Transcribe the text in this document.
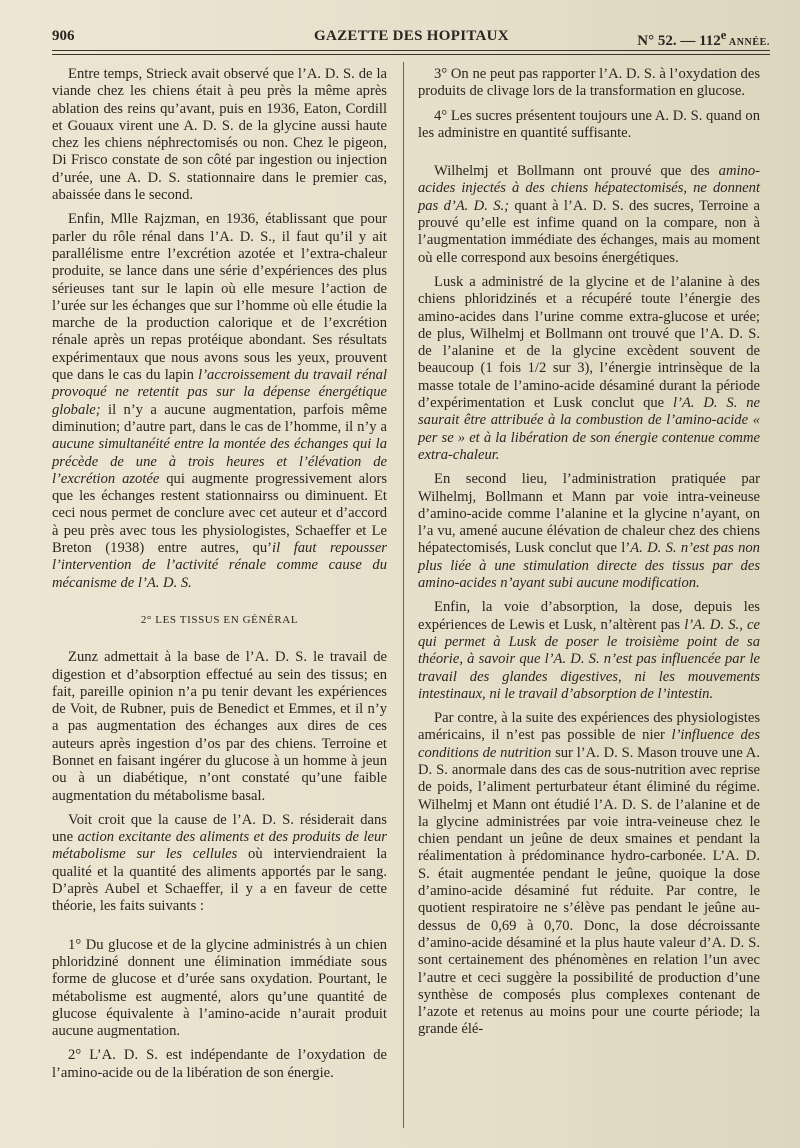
906	GAZETTE DES HOPITAUX	N° 52. — 112e ANNÉE.

Entre temps, Strieck avait observé que l’A. D. S. de la viande chez les chiens était à peu près la même après ablation des reins qu’avant, puis en 1936, Eaton, Cordill et Gouaux virent une A. D. S. de la glycine aussi haute chez les chiens néphrectomisés ou non. Chez le pigeon, Di Frisco constate de son côté par ingestion ou injection d’urée, une A. D. S. stationnaire dans le premier cas, abaissée dans le second.

Enfin, Mlle Rajzman, en 1936, établissant que pour parler du rôle rénal dans l’A. D. S., il faut qu’il y ait parallélisme entre l’excrétion azotée et l’extra-chaleur produite, se lance dans une série d’expériences des plus sérieuses tant sur le lapin où elle mesure l’action de l’urée sur les échanges que sur l’homme où elle étudie la marche de la production calorique et de l’excrétion rénale après un repas protéique abondant. Ses résultats expérimentaux que nous avons sous les yeux, prouvent que dans le cas du lapin l’accroissement du travail rénal provoqué ne retentit pas sur la dépense énergétique globale; il n’y a aucune augmentation, parfois même diminution; d’autre part, dans le cas de l’homme, il n’y a aucune simultanéité entre la montée des échanges qui la précède de une à trois heures et l’élévation de l’excrétion azotée qui augmente progressivement alors que les échanges restent stationnairss ou diminuent. Et ceci nous permet de conclure avec cet auteur et d’accord à peu près avec tous les physiologistes, Schaeffer et Le Breton (1938) entre autres, qu’il faut repousser l’intervention de l’activité rénale comme cause du mécanisme de l’A. D. S.

2° LES TISSUS EN GÉNÉRAL

Zunz admettait à la base de l’A. D. S. le travail de digestion et d’absorption effectué au sein des tissus; en fait, pareille opinion n’a pu tenir devant les expériences de Voit, de Rubner, puis de Benedict et Emmes, et il n’y a pas augmentation des échanges aux dires de ces auteurs après ingestion d’os par des chiens. Terroine et Bonnet en faisant ingérer du glucose à un homme à jeun ou à un diabétique, n’ont constaté qu’une faible augmentation du métabolisme basal.

Voit croit que la cause de l’A. D. S. résiderait dans une action excitante des aliments et des produits de leur métabolisme sur les cellules où interviendraient la qualité et la quantité des aliments apportés par le sang. D’après Aubel et Schaeffer, il y a en faveur de cette théorie, les faits suivants :

1° Du glucose et de la glycine administrés à un chien phloridziné donnent une élimination immédiate sous forme de glucose et d’urée sans oxydation. Pourtant, le métabolisme est augmenté, alors qu’une quantité de glucose équivalente à l’amino-acide n’aurait produit aucune augmentation.

2° L’A. D. S. est indépendante de l’oxydation de l’amino-acide ou de la libération de son énergie.

3° On ne peut pas rapporter l’A. D. S. à l’oxydation des produits de clivage lors de la transformation en glucose.

4° Les sucres présentent toujours une A. D. S. quand on les administre en quantité suffisante.

Wilhelmj et Bollmann ont prouvé que des amino-acides injectés à des chiens hépatectomisés, ne donnent pas d’A. D. S.; quant à l’A. D. S. des sucres, Terroine a prouvé qu’elle est infime quand on la compare, non à l’augmentation immédiate des échanges, mais au moment où elle correspond aux besoins énergétiques.

Lusk a administré de la glycine et de l’alanine à des chiens phloridzinés et a récupéré toute l’énergie des amino-acides dans l’urine comme extra-glucose et urée; de plus, Wilhelmj et Bollmann ont trouvé que l’A. D. S. de l’alanine et de la glycine excèdent souvent de beaucoup (1 fois 1/2 sur 3), l’énergie intrinsèque de la masse totale de l’amino-acide désaminé durant la période d’expérimentation et Lusk conclut que l’A. D. S. ne saurait être attribuée à la combustion de l’amino-acide « per se » et à la libération de son énergie contenue comme extra-chaleur.

En second lieu, l’administration pratiquée par Wilhelmj, Bollmann et Mann par voie intra-veineuse d’amino-acide comme l’alanine et la glycine n’ayant, on l’a vu, amené aucune élévation de chaleur chez des chiens hépatectomisés, Lusk conclut que l’A. D. S. n’est pas non plus liée à une stimulation directe des tissus par des amino-acides n’ayant subi aucune modification.

Enfin, la voie d’absorption, la dose, depuis les expériences de Lewis et Lusk, n’altèrent pas l’A. D. S., ce qui permet à Lusk de poser le troisième point de sa théorie, à savoir que l’A. D. S. n’est pas influencée par le travail des glandes digestives, ni les mouvements intestinaux, ni le travail d’absorption de l’intestin.

Par contre, à la suite des expériences des physiologistes américains, il n’est pas possible de nier l’influence des conditions de nutrition sur l’A. D. S. Mason trouve une A. D. S. anormale dans des cas de sous-nutrition avec reprise de poids, l’aliment perturbateur étant éliminé du régime. Wilhelmj et Mann ont étudié l’A. D. S. de l’alanine et de la glycine administrées par voie intra-veineuse chez le chien pendant un jeûne de deux smaines et pendant la réalimentation à prédominance hydro-carbonée. L’A. D. S. était augmentée pendant le jeûne, quoique la dose d’amino-acide désaminé fut réduite. Par contre, le quotient respiratoire ne s’élève pas pendant le jeûne au-dessus de 0,69 à 0,70. Donc, la dose décroissante d’amino-acide désaminé et la plus haute valeur d’A. D. S. sont certainement des phénomènes en relation l’un avec l’autre et ceci suggère la possibilité de production d’une synthèse de composés plus complexes contenant de l’azote et retenus au moins pour une courte période; la grande élé-
